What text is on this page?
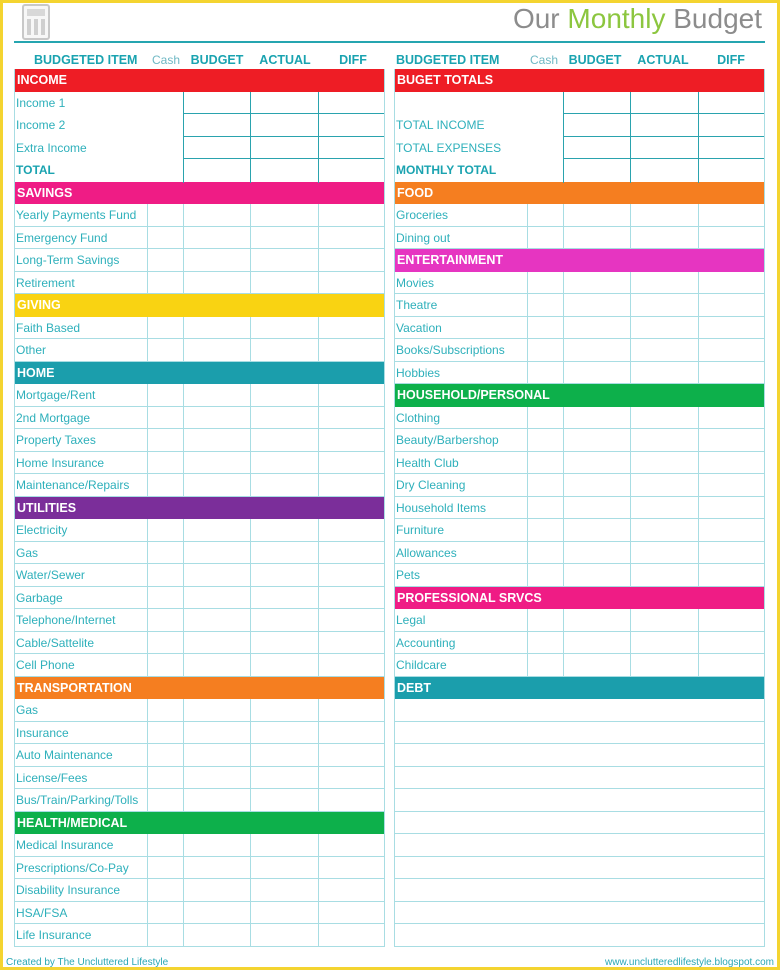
Our Monthly Budget
BUDGETED ITEM	Cash BUDGET	ACTUAL	DIFF	BUDGETED ITEM	Cash BUDGET	ACTUAL	DIFF
INCOME
Income 1
Income 2
Extra Income
TOTAL
SAVINGS
Yearly Payments Fund
Emergency Fund
Long-Term Savings
Retirement
GIVING
Faith Based
Other
HOME
Mortgage/Rent
2nd Mortgage
Property Taxes
Home Insurance
Maintenance/Repairs
UTILITIES
Electricity
Gas
Water/Sewer
Garbage
Telephone/Internet
Cable/Sattelite
Cell Phone
TRANSPORTATION
Gas
Insurance
Auto Maintenance
License/Fees
Bus/Train/Parking/Tolls
HEALTH/MEDICAL
Medical Insurance
Prescriptions/Co-Pay
Disability Insurance
HSA/FSA
Life Insurance
BUGET TOTALS
TOTAL INCOME
TOTAL EXPENSES
MONTHLY TOTAL
FOOD
Groceries
Dining out
ENTERTAINMENT
Movies
Theatre
Vacation
Books/Subscriptions
Hobbies
HOUSEHOLD/PERSONAL
Clothing
Beauty/Barbershop
Health Club
Dry Cleaning
Household Items
Furniture
Allowances
Pets
PROFESSIONAL SRVCS
Legal
Accounting
Childcare
DEBT
Created by The Uncluttered Lifestyle	www.unclutteredlifestyle.blogspot.com
